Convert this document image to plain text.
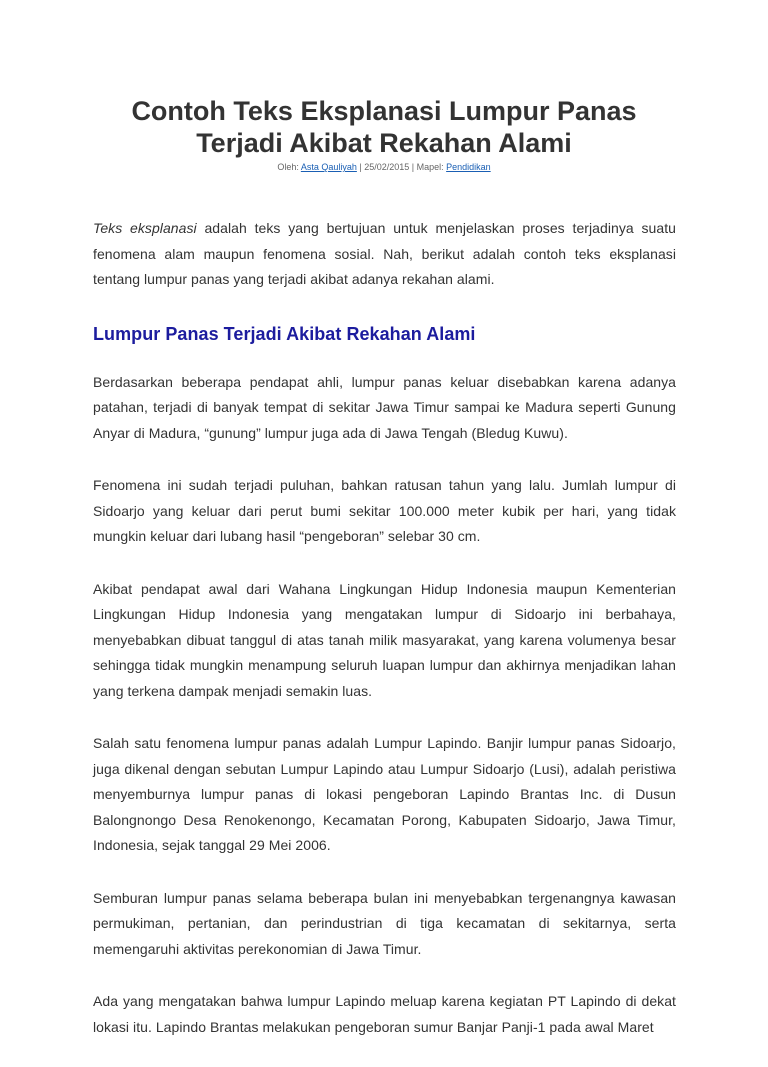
Contoh Teks Eksplanasi Lumpur Panas
Terjadi Akibat Rekahan Alami
Oleh: Asta Qauliyah | 25/02/2015 | Mapel: Pendidikan

Teks eksplanasi adalah teks yang bertujuan untuk menjelaskan proses terjadinya suatu fenomena alam maupun fenomena sosial. Nah, berikut adalah contoh teks eksplanasi tentang lumpur panas yang terjadi akibat adanya rekahan alami.

Lumpur Panas Terjadi Akibat Rekahan Alami

Berdasarkan beberapa pendapat ahli, lumpur panas keluar disebabkan karena adanya patahan, terjadi di banyak tempat di sekitar Jawa Timur sampai ke Madura seperti Gunung Anyar di Madura, “gunung” lumpur juga ada di Jawa Tengah (Bledug Kuwu).

Fenomena ini sudah terjadi puluhan, bahkan ratusan tahun yang lalu. Jumlah lumpur di Sidoarjo yang keluar dari perut bumi sekitar 100.000 meter kubik per hari, yang tidak mungkin keluar dari lubang hasil “pengeboran” selebar 30 cm.

Akibat pendapat awal dari Wahana Lingkungan Hidup Indonesia maupun Kementerian Lingkungan Hidup Indonesia yang mengatakan lumpur di Sidoarjo ini berbahaya, menyebabkan dibuat tanggul di atas tanah milik masyarakat, yang karena volumenya besar sehingga tidak mungkin menampung seluruh luapan lumpur dan akhirnya menjadikan lahan yang terkena dampak menjadi semakin luas.

Salah satu fenomena lumpur panas adalah Lumpur Lapindo. Banjir lumpur panas Sidoarjo, juga dikenal dengan sebutan Lumpur Lapindo atau Lumpur Sidoarjo (Lusi), adalah peristiwa menyemburnya lumpur panas di lokasi pengeboran Lapindo Brantas Inc. di Dusun Balongnongo Desa Renokenongo, Kecamatan Porong, Kabupaten Sidoarjo, Jawa Timur, Indonesia, sejak tanggal 29 Mei 2006.

Semburan lumpur panas selama beberapa bulan ini menyebabkan tergenangnya kawasan permukiman, pertanian, dan perindustrian di tiga kecamatan di sekitarnya, serta memengaruhi aktivitas perekonomian di Jawa Timur.

Ada yang mengatakan bahwa lumpur Lapindo meluap karena kegiatan PT Lapindo di dekat lokasi itu. Lapindo Brantas melakukan pengeboran sumur Banjar Panji-1 pada awal Maret
